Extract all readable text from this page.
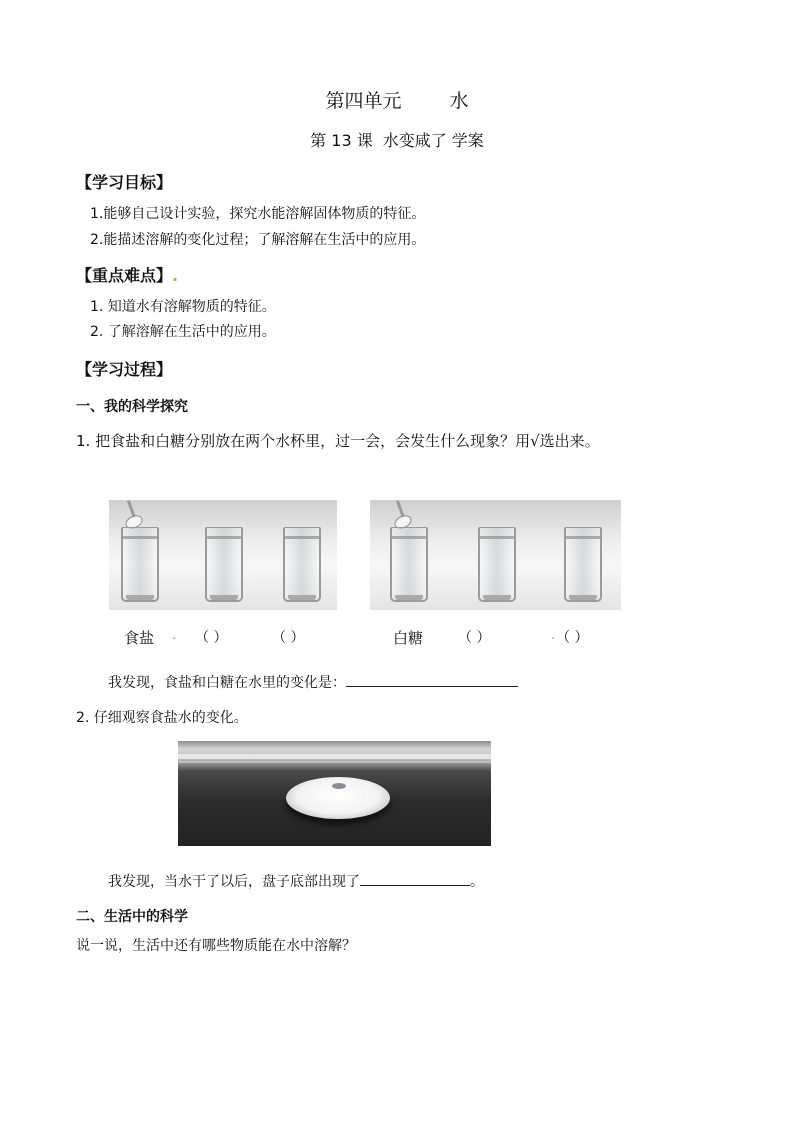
第四单元	水
第 13 课 水变咸了 学案
【学习目标】
1.能够自己设计实验，探究水能溶解固体物质的特征。
2.能描述溶解的变化过程；了解溶解在生活中的应用。
【重点难点】.
1. 知道水有溶解物质的特征。
2. 了解溶解在生活中的应用。
【学习过程】
一、我的科学探究
1. 把食盐和白糖分别放在两个水杯里，过一会，会发生什么现象？用√选出来。
食盐 . （ ）	（ ）	白糖 （ ）	. （ ）
我发现，食盐和白糖在水里的变化是：
2. 仔细观察食盐水的变化。
我发现，当水干了以后，盘子底部出现了	。
二、生活中的科学
说一说，生活中还有哪些物质能在水中溶解？
